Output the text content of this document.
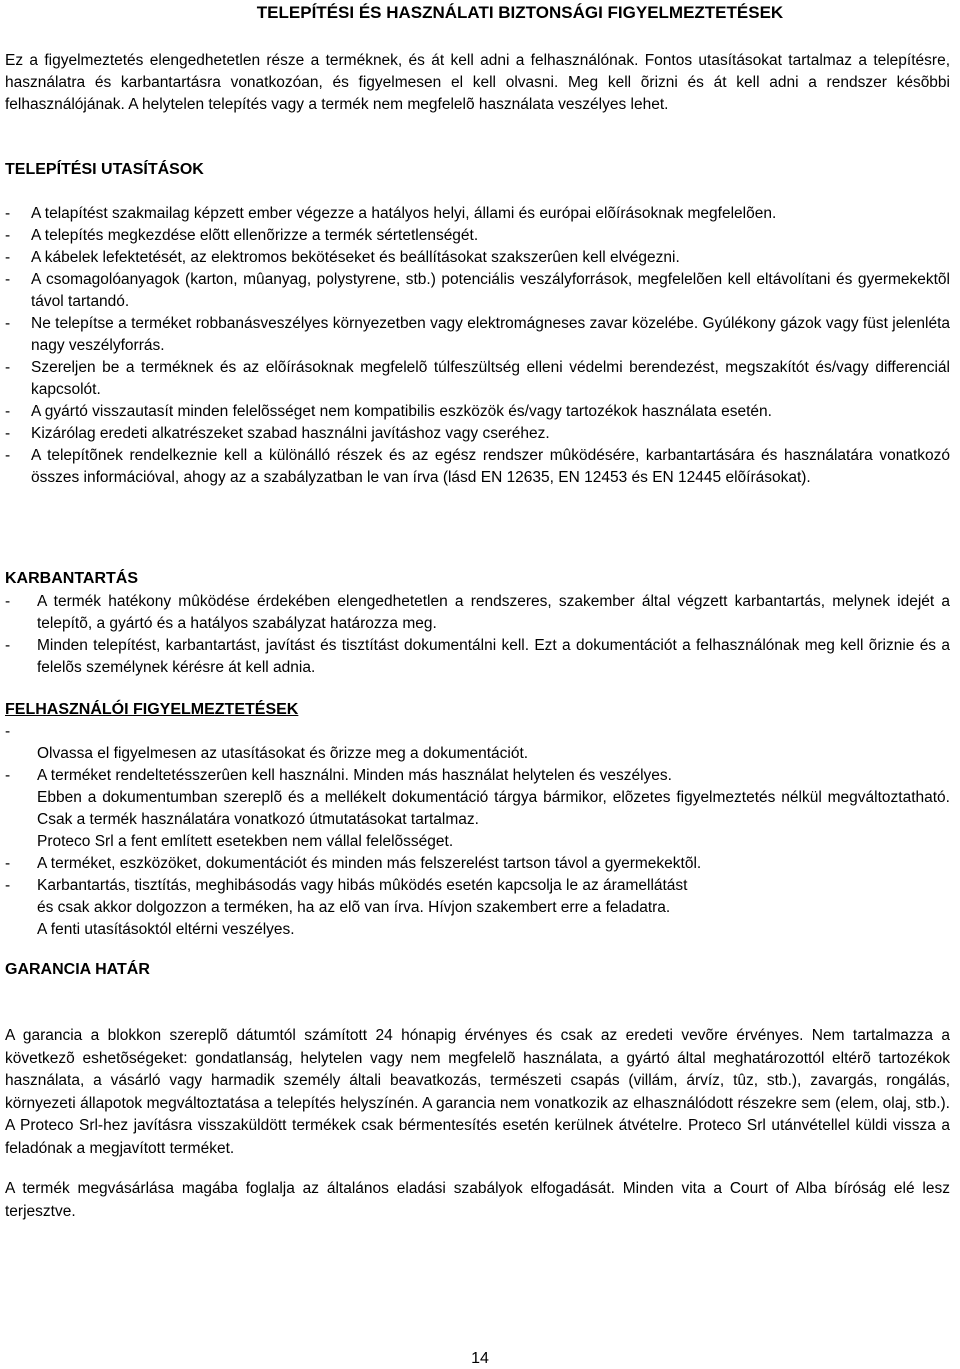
TELEPÍTÉSI ÉS HASZNÁLATI BIZTONSÁGI FIGYELMEZTETÉSEK

Ez a figyelmeztetés elengedhetetlen része a terméknek, és át kell adni a felhasználónak. Fontos utasításokat tartalmaz a telepítésre, használatra és karbantartásra vonatkozóan, és figyelmesen el kell olvasni. Meg kell õrizni és át kell adni a rendszer késõbbi felhasználójának. A helytelen telepítés vagy a termék nem megfelelõ használata veszélyes lehet.

TELEPÍTÉSI UTASÍTÁSOK
- A telapítést szakmailag képzett ember végezze a hatályos helyi, állami és európai elõírásoknak megfelelõen.
- A telepítés megkezdése elõtt ellenõrizze a termék sértetlenségét.
- A kábelek lefektetését, az elektromos bekötéseket és beállításokat szakszerûen kell elvégezni.
- A csomagolóanyagok (karton, mûanyag, polystyrene, stb.) potenciális veszályforrások, megfelelõen kell eltávolítani és gyermekektõl távol tartandó.
- Ne telepítse a terméket robbanásveszélyes környezetben vagy elektromágneses zavar közelébe. Gyúlékony gázok vagy füst jelenléta nagy veszélyforrás.
- Szereljen be a terméknek és az elõírásoknak megfelelõ túlfeszültség elleni védelmi berendezést, megszakítót és/vagy differenciál kapcsolót.
- A gyártó visszautasít minden felelõsséget nem kompatibilis eszközök és/vagy tartozékok használata esetén.
- Kizárólag eredeti alkatrészeket szabad használni javításhoz vagy cseréhez.
- A telepítõnek rendelkeznie kell a különálló részek és az egész rendszer mûködésére, karbantartására és használatára vonatkozó összes információval, ahogy az a szabályzatban le van írva (lásd EN 12635, EN 12453 és EN 12445 elõírásokat).
KARBANTARTÁS
- A termék hatékony mûködése érdekében elengedhetetlen a rendszeres, szakember által végzett karbantartás, melynek idejét a telepítõ, a gyártó és a hatályos szabályzat határozza meg.
- Minden telepítést, karbantartást, javítást és tisztítást dokumentálni kell. Ezt a dokumentációt a felhasználónak meg kell õriznie és a felelõs személynek kérésre át kell adnia.
FELHASZNÁLÓI FIGYELMEZTETÉSEK
-
Olvassa el figyelmesen az utasításokat és õrizze meg a dokumentációt.
- A terméket rendeltetésszerûen kell használni. Minden más használat helytelen és veszélyes.
Ebben a dokumentumban szereplõ és a mellékelt dokumentáció tárgya bármikor, elõzetes figyelmeztetés nélkül megváltoztatható. Csak a termék használatára vonatkozó útmutatásokat tartalmaz.
Proteco Srl a fent említett esetekben nem vállal felelõsséget.
- A terméket, eszközöket, dokumentációt és minden más felszerelést tartson távol a gyermekektõl.
- Karbantartás, tisztítás, meghibásodás vagy hibás mûködés esetén kapcsolja le az áramellátást
és csak akkor dolgozzon a terméken, ha az elõ van írva. Hívjon szakembert erre a feladatra.
A fenti utasításoktól eltérni veszélyes.
GARANCIA HATÁR

A garancia a blokkon szereplõ dátumtól számított 24 hónapig érvényes és csak az eredeti vevõre érvényes. Nem tartalmazza a következõ eshetõségeket: gondatlanság, helytelen vagy nem megfelelõ használata, a gyártó által meghatározottól eltérõ tartozékok használata, a vásárló vagy harmadik személy általi beavatkozás, természeti csapás (villám, árvíz, tûz, stb.), zavargás, rongálás, környezeti állapotok megváltoztatása a telepítés helyszínén. A garancia nem vonatkozik az elhasználódott részekre sem (elem, olaj, stb.). A Proteco Srl-hez javításra visszaküldött termékek csak bérmentesítés esetén kerülnek átvételre. Proteco Srl utánvétellel küldi vissza a feladónak a megjavított terméket.

A termék megvásárlása magába foglalja az általános eladási szabályok elfogadását. Minden vita a Court of Alba bíróság elé lesz terjesztve.

14
